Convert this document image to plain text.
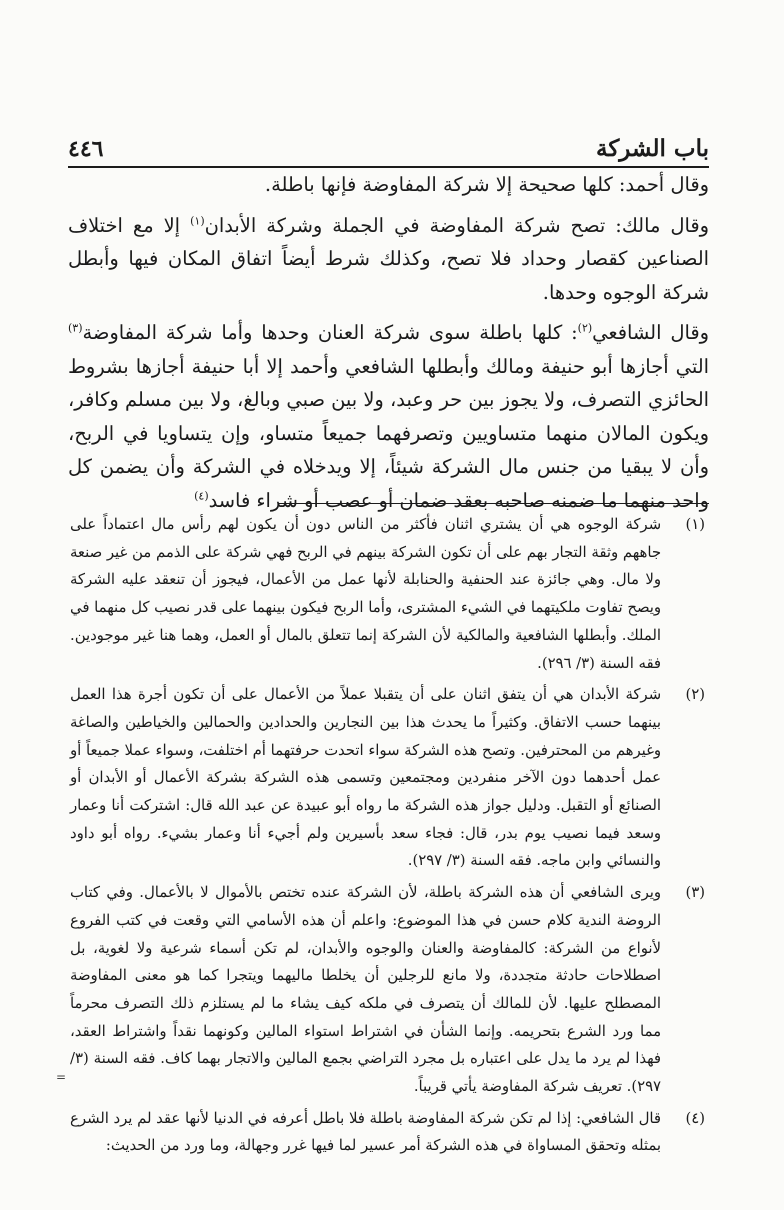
٤٤٦	باب الشركة

وقال أحمد: كلها صحيحة إلا شركة المفاوضة فإنها باطلة.

وقال مالك: تصح شركة المفاوضة في الجملة وشركة الأبدان$^{(١)}$ إلا مع اختلاف الصناعين كقصار وحداد فلا تصح، وكذلك شرط أيضاً اتفاق المكان فيها وأبطل شركة الوجوه وحدها.

وقال الشافعي$^{(٢)}$: كلها باطلة سوى شركة العنان وحدها وأما شركة المفاوضة$^{(٣)}$ التي أجازها أبو حنيفة ومالك وأبطلها الشافعي وأحمد إلا أبا حنيفة أجازها بشروط الحائزي التصرف، ولا يجوز بين حر وعبد، ولا بين صبي وبالغ، ولا بين مسلم وكافر، ويكون المالان منهما متساويين وتصرفهما جميعاً متساو، وإن يتساويا في الربح، وأن لا يبقيا من جنس مال الشركة شيئاً، إلا ويدخلاه في الشركة وأن يضمن كل واحد منهما ما ضمنه صاحبه بعقد ضمان أو عصب أو شراء فاسد$^{(٤)}$

(١)
شركة الوجوه هي أن يشتري اثنان فأكثر من الناس دون أن يكون لهم رأس مال اعتماداً على جاههم وثقة التجار بهم على أن تكون الشركة بينهم في الربح فهي شركة على الذمم من غير صنعة ولا مال. وهي جائزة عند الحنفية والحنابلة لأنها عمل من الأعمال، فيجوز أن تنعقد عليه الشركة ويصح تفاوت ملكيتهما في الشيء المشترى، وأما الربح فيكون بينهما على قدر نصيب كل منهما في الملك. وأبطلها الشافعية والمالكية لأن الشركة إنما تتعلق بالمال أو العمل، وهما هنا غير موجودين. فقه السنة (٣/ ٢٩٦).
(٢)
شركة الأبدان هي أن يتفق اثنان على أن يتقبلا عملاً من الأعمال على أن تكون أجرة هذا العمل بينهما حسب الاتفاق. وكثيراً ما يحدث هذا بين النجارين والحدادين والحمالين والخياطين والصاغة وغيرهم من المحترفين. وتصح هذه الشركة سواء اتحدت حرفتهما أم اختلفت، وسواء عملا جميعاً أو عمل أحدهما دون الآخر منفردين ومجتمعين وتسمى هذه الشركة بشركة الأعمال أو الأبدان أو الصنائع أو التقبل. ودليل جواز هذه الشركة ما رواه أبو عبيدة عن عبد الله قال: اشتركت أنا وعمار وسعد فيما نصيب يوم بدر، قال: فجاء سعد بأسيرين ولم أجيء أنا وعمار بشيء. رواه أبو داود والنسائي وابن ماجه. فقه السنة (٣/ ٢٩٧).
(٣)
ويرى الشافعي أن هذه الشركة باطلة، لأن الشركة عنده تختص بالأموال لا بالأعمال. وفي كتاب الروضة الندية كلام حسن في هذا الموضوع: واعلم أن هذه الأسامي التي وقعت في كتب الفروع لأنواع من الشركة: كالمفاوضة والعنان والوجوه والأبدان، لم تكن أسماء شرعية ولا لغوية، بل اصطلاحات حادثة متجددة، ولا مانع للرجلين أن يخلطا ماليهما ويتجرا كما هو معنى المفاوضة المصطلح عليها. لأن للمالك أن يتصرف في ملكه كيف يشاء ما لم يستلزم ذلك التصرف محرماً مما ورد الشرع بتحريمه. وإنما الشأن في اشتراط استواء المالين وكونهما نقداً واشتراط العقد، فهذا لم يرد ما يدل على اعتباره بل مجرد التراضي بجمع المالين والاتجار بهما كاف. فقه السنة (٣/ ٢٩٧). تعريف شركة المفاوضة يأتي قريباً.
(٤)
قال الشافعي: إذا لم تكن شركة المفاوضة باطلة فلا باطل أعرفه في الدنيا لأنها عقد لم يرد الشرع بمثله وتحقق المساواة في هذه الشركة أمر عسير لما فيها غرر وجهالة، وما ورد من الحديث:
=
